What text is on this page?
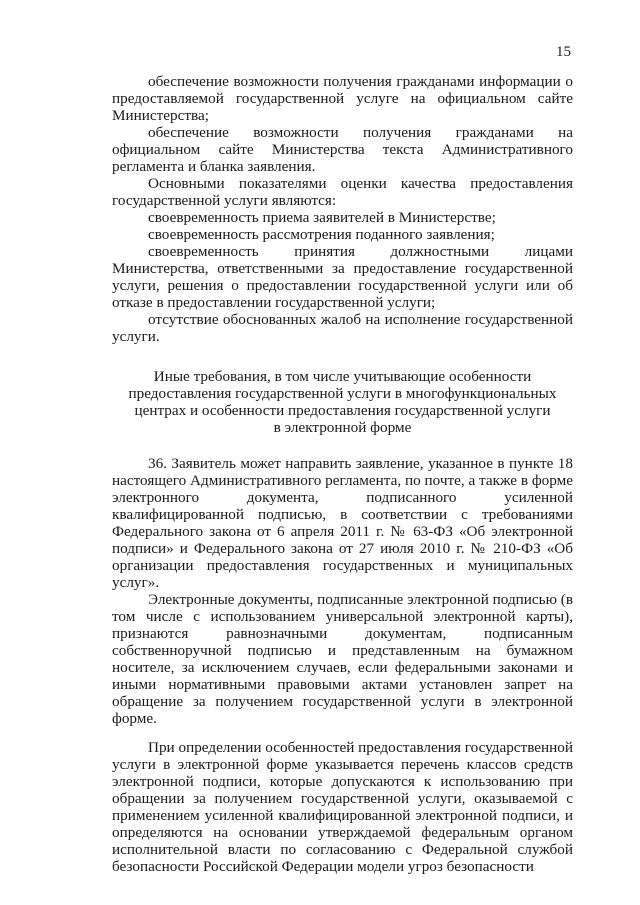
15

обеспечение возможности получения гражданами информации о предоставляемой государственной услуге на официальном сайте Министерства;

обеспечение возможности получения гражданами на официальном сайте Министерства текста Административного регламента и бланка заявления.

Основными показателями оценки качества предоставления государственной услуги являются:

своевременность приема заявителей в Министерстве;

своевременность рассмотрения поданного заявления;

своевременность принятия должностными лицами Министерства, ответственными за предоставление государственной услуги, решения о предоставлении государственной услуги или об отказе в предоставлении государственной услуги;

отсутствие обоснованных жалоб на исполнение государственной услуги.

Иные требования, в том числе учитывающие особенности
предоставления государственной услуги в многофункциональных
центрах и особенности предоставления государственной услуги
в электронной форме

36. Заявитель может направить заявление, указанное в пункте 18 настоящего Административного регламента, по почте, а также в форме электронного документа, подписанного усиленной квалифицированной подписью, в соответствии с требованиями Федерального закона от 6 апреля 2011 г. № 63-ФЗ «Об электронной подписи» и Федерального закона от 27 июля 2010 г. № 210-ФЗ «Об организации предоставления государственных и муниципальных услуг».

Электронные документы, подписанные электронной подписью (в том числе с использованием универсальной электронной карты), признаются равнозначными документам, подписанным собственноручной подписью и представленным на бумажном носителе, за исключением случаев, если федеральными законами и иными нормативными правовыми актами установлен запрет на обращение за получением государственной услуги в электронной форме.

При определении особенностей предоставления государственной услуги в электронной форме указывается перечень классов средств электронной подписи, которые допускаются к использованию при обращении за получением государственной услуги, оказываемой с применением усиленной квалифицированной электронной подписи, и определяются на основании утверждаемой федеральным органом исполнительной власти по согласованию с Федеральной службой безопасности Российской Федерации модели угроз безопасности
